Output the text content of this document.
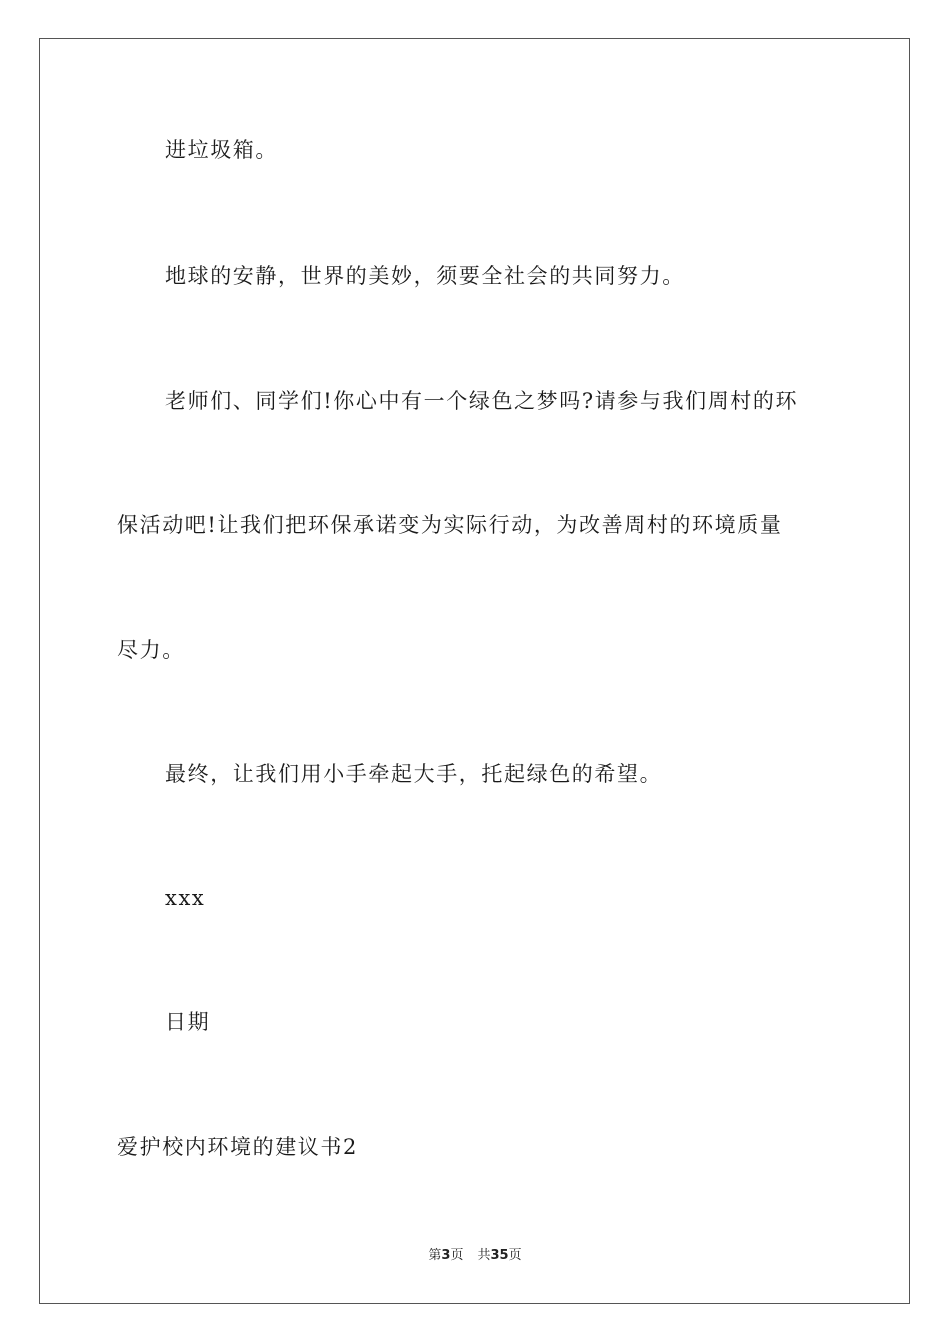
进垃圾箱。
地球的安静，世界的美妙，须要全社会的共同努力。
老师们、同学们!你心中有一个绿色之梦吗?请参与我们周村的环
保活动吧!让我们把环保承诺变为实际行动，为改善周村的环境质量
尽力。
最终，让我们用小手牵起大手，托起绿色的希望。
xxx
日期
爱护校内环境的建议书2
第3页 共35页
